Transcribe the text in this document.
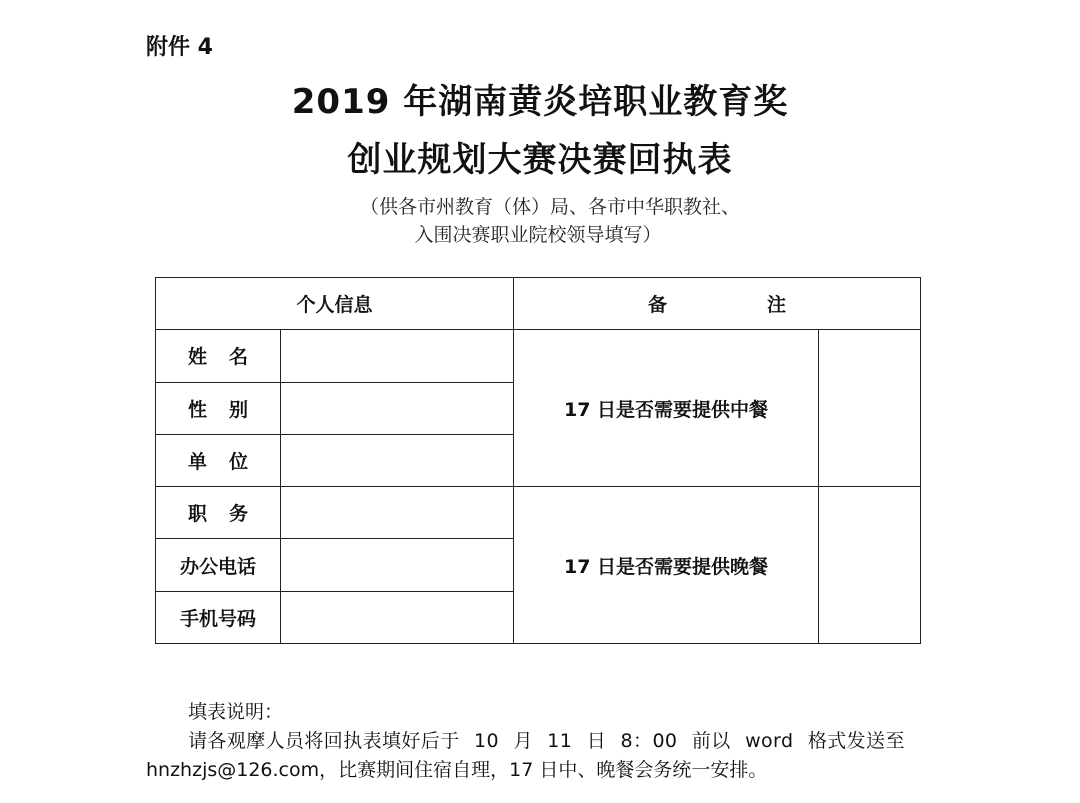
附件 4
2019 年湖南黄炎培职业教育奖
创业规划大赛决赛回执表
（供各市州教育（体）局、各市中华职教社、
入围决赛职业院校领导填写）
个人信息		备注	
姓名		17 日是否需要提供中餐	
性别			
单位			
职务		17 日是否需要提供晚餐	
办公电话			
手机号码			
填表说明：
请各观摩人员将回执表填好后于 10 月 11 日 8：00 前以 word 格式发送至
hnzhzjs@126.com，比赛期间住宿自理，17 日中、晚餐会务统一安排。
